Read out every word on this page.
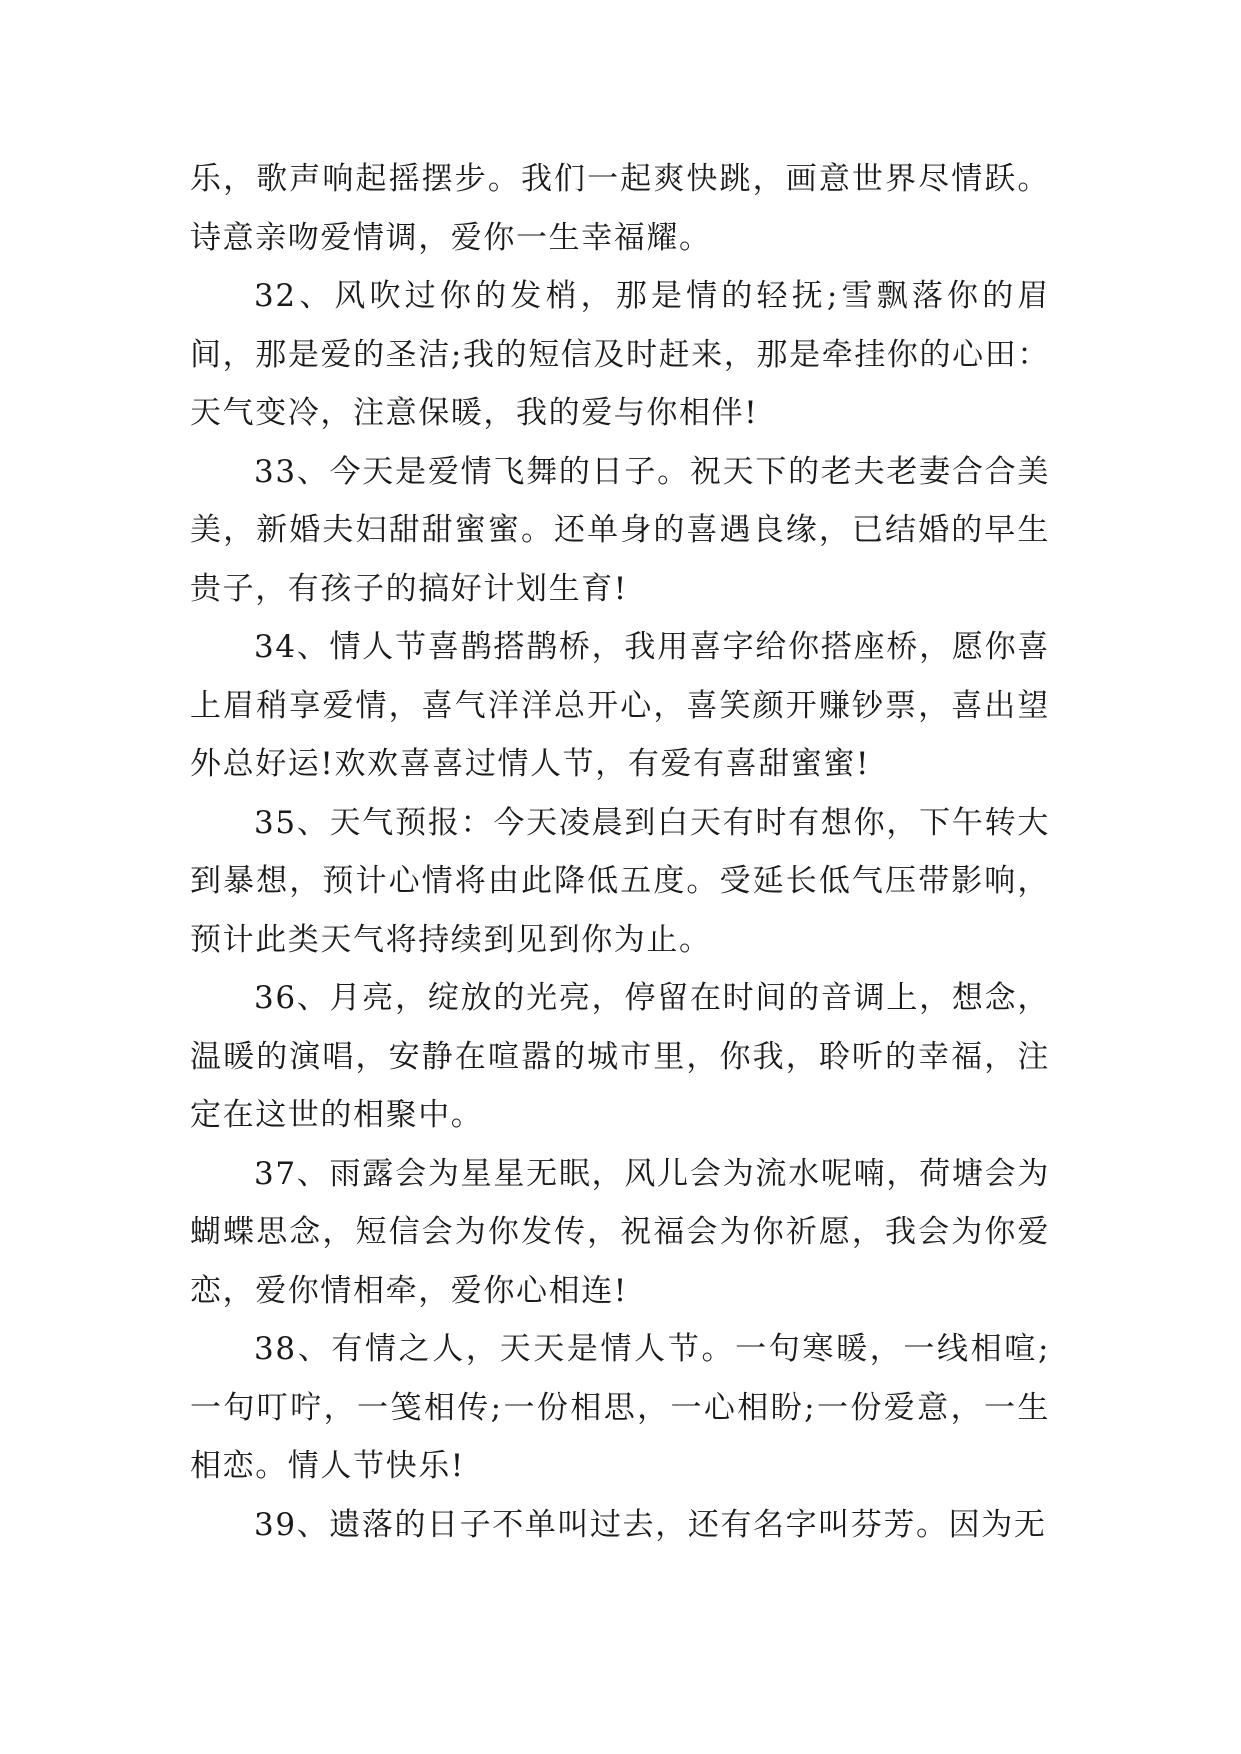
乐，歌声响起摇摆步。我们一起爽快跳，画意世界尽情跃。诗意亲吻爱情调，爱你一生幸福耀。

32、风吹过你的发梢，那是情的轻抚;雪飘落你的眉间，那是爱的圣洁;我的短信及时赶来，那是牵挂你的心田：天气变冷，注意保暖，我的爱与你相伴!

33、今天是爱情飞舞的日子。祝天下的老夫老妻合合美美，新婚夫妇甜甜蜜蜜。还单身的喜遇良缘，已结婚的早生贵子，有孩子的搞好计划生育!

34、情人节喜鹊搭鹊桥，我用喜字给你搭座桥，愿你喜上眉稍享爱情，喜气洋洋总开心，喜笑颜开赚钞票，喜出望外总好运!欢欢喜喜过情人节，有爱有喜甜蜜蜜!

35、天气预报：今天凌晨到白天有时有想你，下午转大到暴想，预计心情将由此降低五度。受延长低气压带影响，预计此类天气将持续到见到你为止。

36、月亮，绽放的光亮，停留在时间的音调上，想念，温暖的演唱，安静在喧嚣的城市里，你我，聆听的幸福，注定在这世的相聚中。

37、雨露会为星星无眠，风儿会为流水呢喃，荷塘会为蝴蝶思念，短信会为你发传，祝福会为你祈愿，我会为你爱恋，爱你情相牵，爱你心相连!

38、有情之人，天天是情人节。一句寒暖，一线相喧;一句叮咛，一笺相传;一份相思，一心相盼;一份爱意，一生相恋。情人节快乐!

39、遗落的日子不单叫过去，还有名字叫芬芳。因为无
